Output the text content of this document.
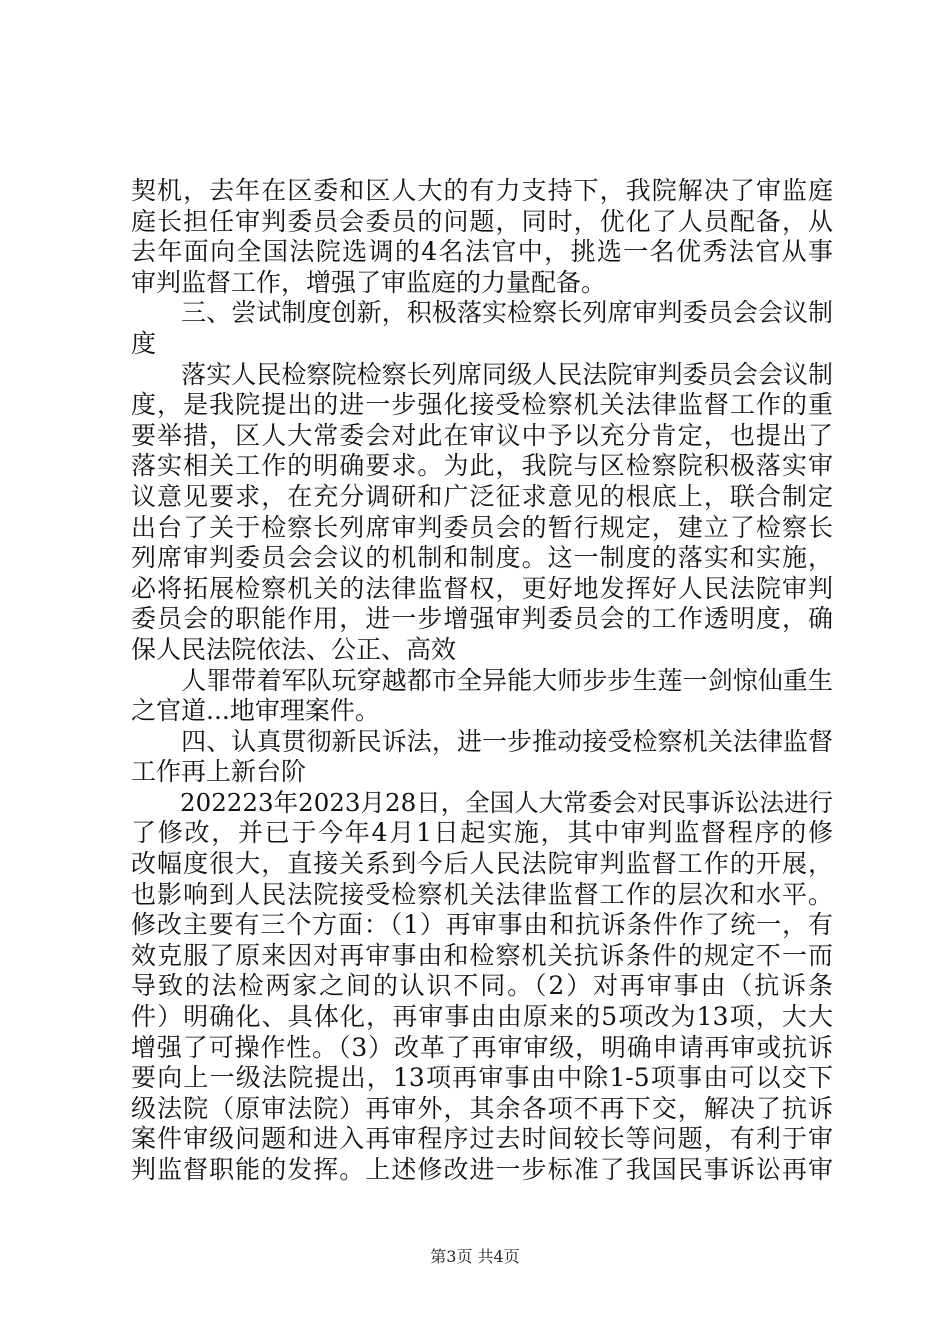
契机，去年在区委和区人大的有力支持下，我院解决了审监庭
庭长担任审判委员会委员的问题，同时，优化了人员配备，从
去年面向全国法院选调的4名法官中，挑选一名优秀法官从事
审判监督工作，增强了审监庭的力量配备。
　　三、尝试制度创新，积极落实检察长列席审判委员会会议制
度
　　落实人民检察院检察长列席同级人民法院审判委员会会议制
度，是我院提出的进一步强化接受检察机关法律监督工作的重
要举措，区人大常委会对此在审议中予以充分肯定，也提出了
落实相关工作的明确要求。为此，我院与区检察院积极落实审
议意见要求，在充分调研和广泛征求意见的根底上，联合制定
出台了关于检察长列席审判委员会的暂行规定，建立了检察长
列席审判委员会会议的机制和制度。这一制度的落实和实施，
必将拓展检察机关的法律监督权，更好地发挥好人民法院审判
委员会的职能作用，进一步增强审判委员会的工作透明度，确
保人民法院依法、公正、高效
　　人罪带着军队玩穿越都市全异能大师步步生莲一剑惊仙重生
之官道...地审理案件。
　　四、认真贯彻新民诉法，进一步推动接受检察机关法律监督
工作再上新台阶
　　202223年2023月28日，全国人大常委会对民事诉讼法进行
了修改，并已于今年4月1日起实施，其中审判监督程序的修
改幅度很大，直接关系到今后人民法院审判监督工作的开展，
也影响到人民法院接受检察机关法律监督工作的层次和水平。
修改主要有三个方面：（1）再审事由和抗诉条件作了统一，有
效克服了原来因对再审事由和检察机关抗诉条件的规定不一而
导致的法检两家之间的认识不同。（2）对再审事由（抗诉条
件）明确化、具体化，再审事由由原来的5项改为13项，大大
增强了可操作性。（3）改革了再审审级，明确申请再审或抗诉
要向上一级法院提出，13项再审事由中除1-5项事由可以交下
级法院（原审法院）再审外，其余各项不再下交，解决了抗诉
案件审级问题和进入再审程序过去时间较长等问题，有利于审
判监督职能的发挥。上述修改进一步标准了我国民事诉讼再审
第3页 共4页
